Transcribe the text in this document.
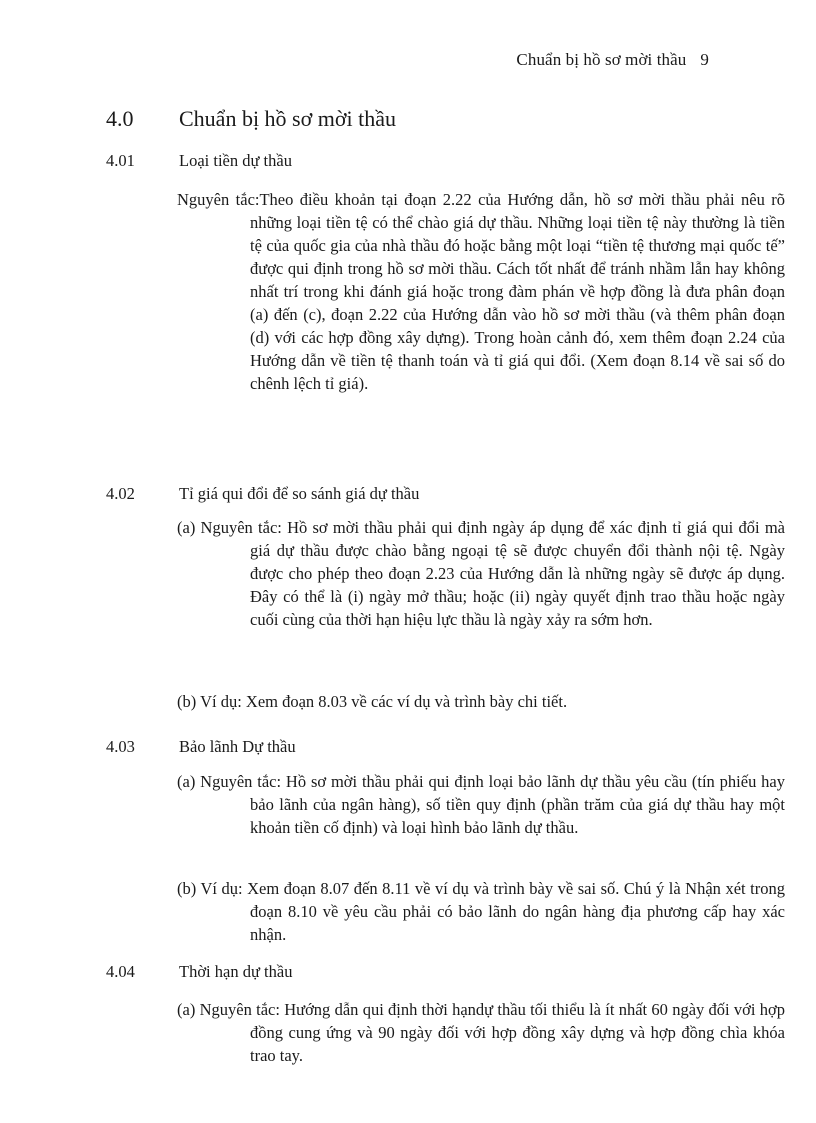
Chuẩn bị hồ sơ mời thầu 9
4.0 Chuẩn bị hồ sơ mời thầu
4.01	Loại tiền dự thầu
Nguyên tắc:Theo điều khoản tại đoạn 2.22 của Hướng dẫn, hồ sơ mời thầu phải nêu rõ những loại tiền tệ có thể chào giá dự thầu. Những loại tiền tệ này thường là tiền tệ của quốc gia của nhà thầu đó hoặc bằng một loại “tiền tệ thương mại quốc tế” được qui định trong hồ sơ mời thầu. Cách tốt nhất để tránh nhầm lẫn hay không nhất trí trong khi đánh giá hoặc trong đàm phán về hợp đồng là đưa phân đoạn (a) đến (c), đoạn 2.22 của Hướng dẫn vào hồ sơ mời thầu (và thêm phân đoạn (d) với các hợp đồng xây dựng). Trong hoàn cảnh đó, xem thêm đoạn 2.24 của Hướng dẫn về tiền tệ thanh toán và tỉ giá qui đổi. (Xem đoạn 8.14 về sai số do chênh lệch tỉ giá).
4.02	Tỉ giá qui đổi để so sánh giá dự thầu
(a) Nguyên tắc: Hồ sơ mời thầu phải qui định ngày áp dụng để xác định tỉ giá qui đổi mà giá dự thầu được chào bằng ngoại tệ sẽ được chuyển đổi thành nội tệ. Ngày được cho phép theo đoạn 2.23 của Hướng dẫn là những ngày sẽ được áp dụng. Đây có thể là (i) ngày mở thầu; hoặc (ii) ngày quyết định trao thầu hoặc ngày cuối cùng của thời hạn hiệu lực thầu là ngày xảy ra sớm hơn.
(b) Ví dụ: Xem đoạn 8.03 về các ví dụ và trình bày chi tiết.
4.03	Bảo lãnh Dự thầu
(a) Nguyên tắc: Hồ sơ mời thầu phải qui định loại bảo lãnh dự thầu yêu cầu (tín phiếu hay bảo lãnh của ngân hàng), số tiền quy định (phần trăm của giá dự thầu hay một khoản tiền cố định) và loại hình bảo lãnh dự thầu.
(b) Ví dụ: Xem đoạn 8.07 đến 8.11 về ví dụ và trình bày về sai số. Chú ý là Nhận xét trong đoạn 8.10 về yêu cầu phải có bảo lãnh do ngân hàng địa phương cấp hay xác nhận.
4.04	Thời hạn dự thầu
(a) Nguyên tắc: Hướng dẫn qui định thời hạndự thầu tối thiểu là ít nhất 60 ngày đối với hợp đồng cung ứng và 90 ngày đối với hợp đồng xây dựng và hợp đồng chìa khóa trao tay.
